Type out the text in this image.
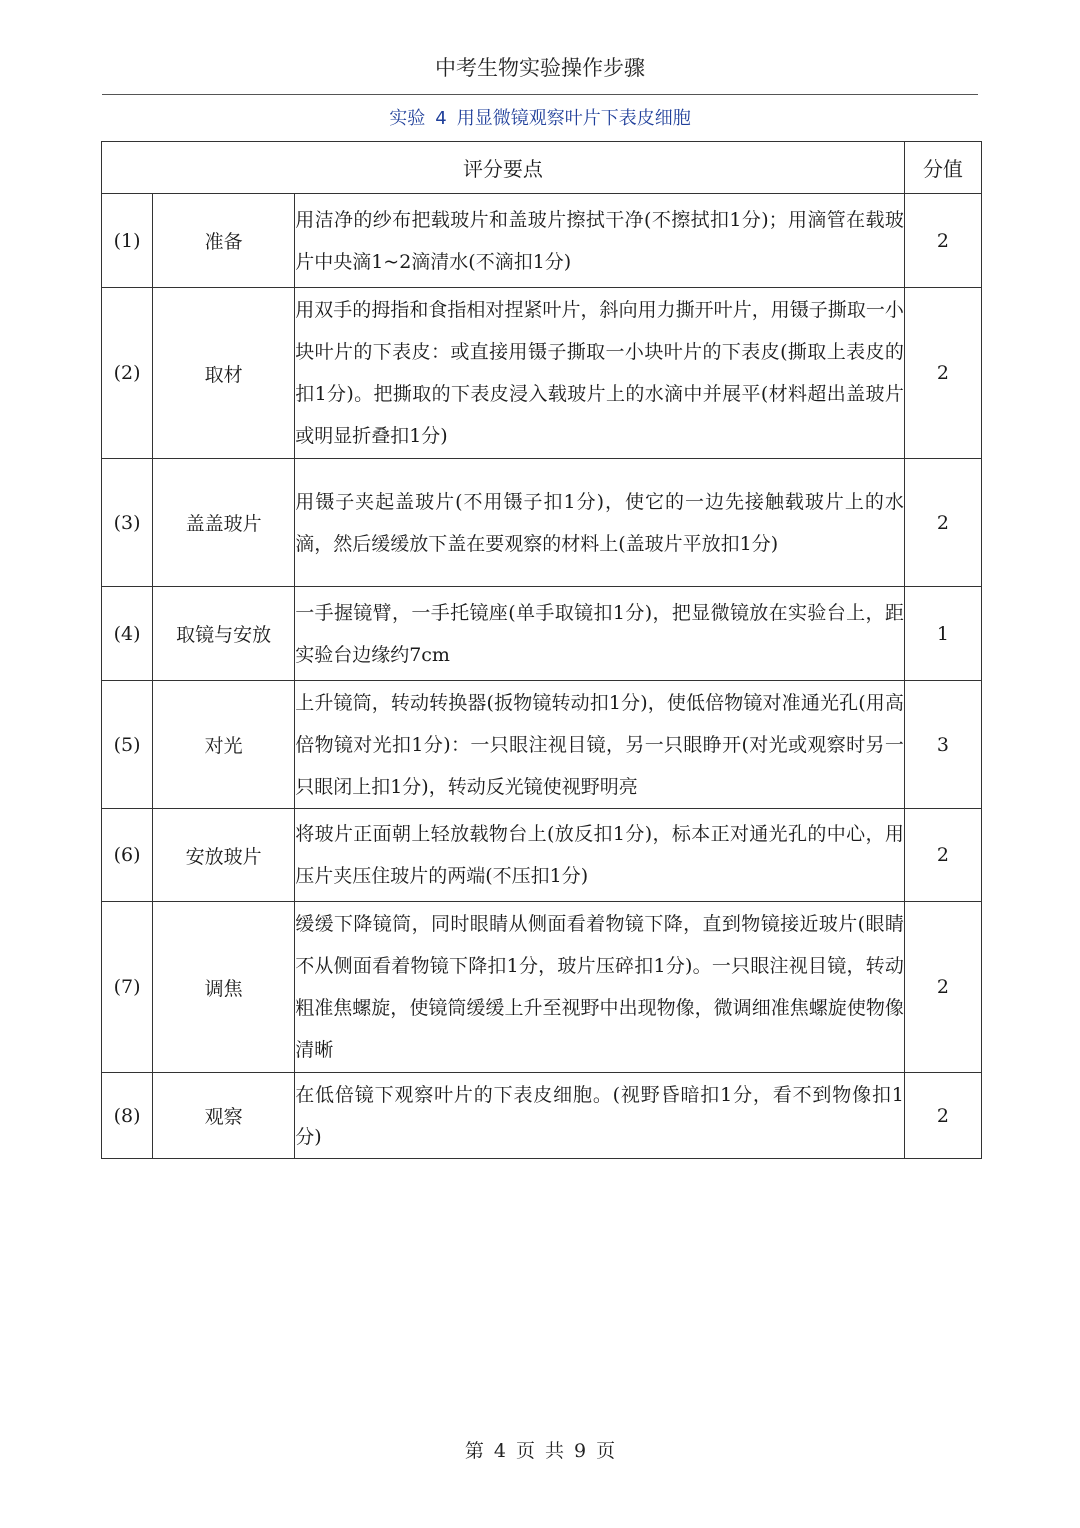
中考生物实验操作步骤
实验 4 用显微镜观察叶片下表皮细胞
评分要点			分值
(1)	准备	用洁净的纱布把载玻片和盖玻片擦拭干净(不擦拭扣1分)；用滴管在载玻片中央滴1~2滴清水(不滴扣1分)	2
(2)	取材	用双手的拇指和食指相对捏紧叶片，斜向用力撕开叶片，用镊子撕取一小块叶片的下表皮：或直接用镊子撕取一小块叶片的下表皮(撕取上表皮的扣1分)。把撕取的下表皮浸入载玻片上的水滴中并展平(材料超出盖玻片或明显折叠扣1分)	2
(3)	盖盖玻片	用镊子夹起盖玻片(不用镊子扣1分)，使它的一边先接触载玻片上的水滴，然后缓缓放下盖在要观察的材料上(盖玻片平放扣1分)	2
(4)	取镜与安放	一手握镜臂，一手托镜座(单手取镜扣1分)，把显微镜放在实验台上，距实验台边缘约7cm	1
(5)	对光	上升镜筒，转动转换器(扳物镜转动扣1分)，使低倍物镜对准通光孔(用高倍物镜对光扣1分)：一只眼注视目镜，另一只眼睁开(对光或观察时另一只眼闭上扣1分)，转动反光镜使视野明亮	3
(6)	安放玻片	将玻片正面朝上轻放载物台上(放反扣1分)，标本正对通光孔的中心，用压片夹压住玻片的两端(不压扣1分)	2
(7)	调焦	缓缓下降镜筒，同时眼睛从侧面看着物镜下降，直到物镜接近玻片(眼睛不从侧面看着物镜下降扣1分，玻片压碎扣1分)。一只眼注视目镜，转动粗准焦螺旋，使镜筒缓缓上升至视野中出现物像，微调细准焦螺旋使物像清晰	2
(8)	观察	在低倍镜下观察叶片的下表皮细胞。(视野昏暗扣1分，看不到物像扣1分)	2
第 4 页 共 9 页
